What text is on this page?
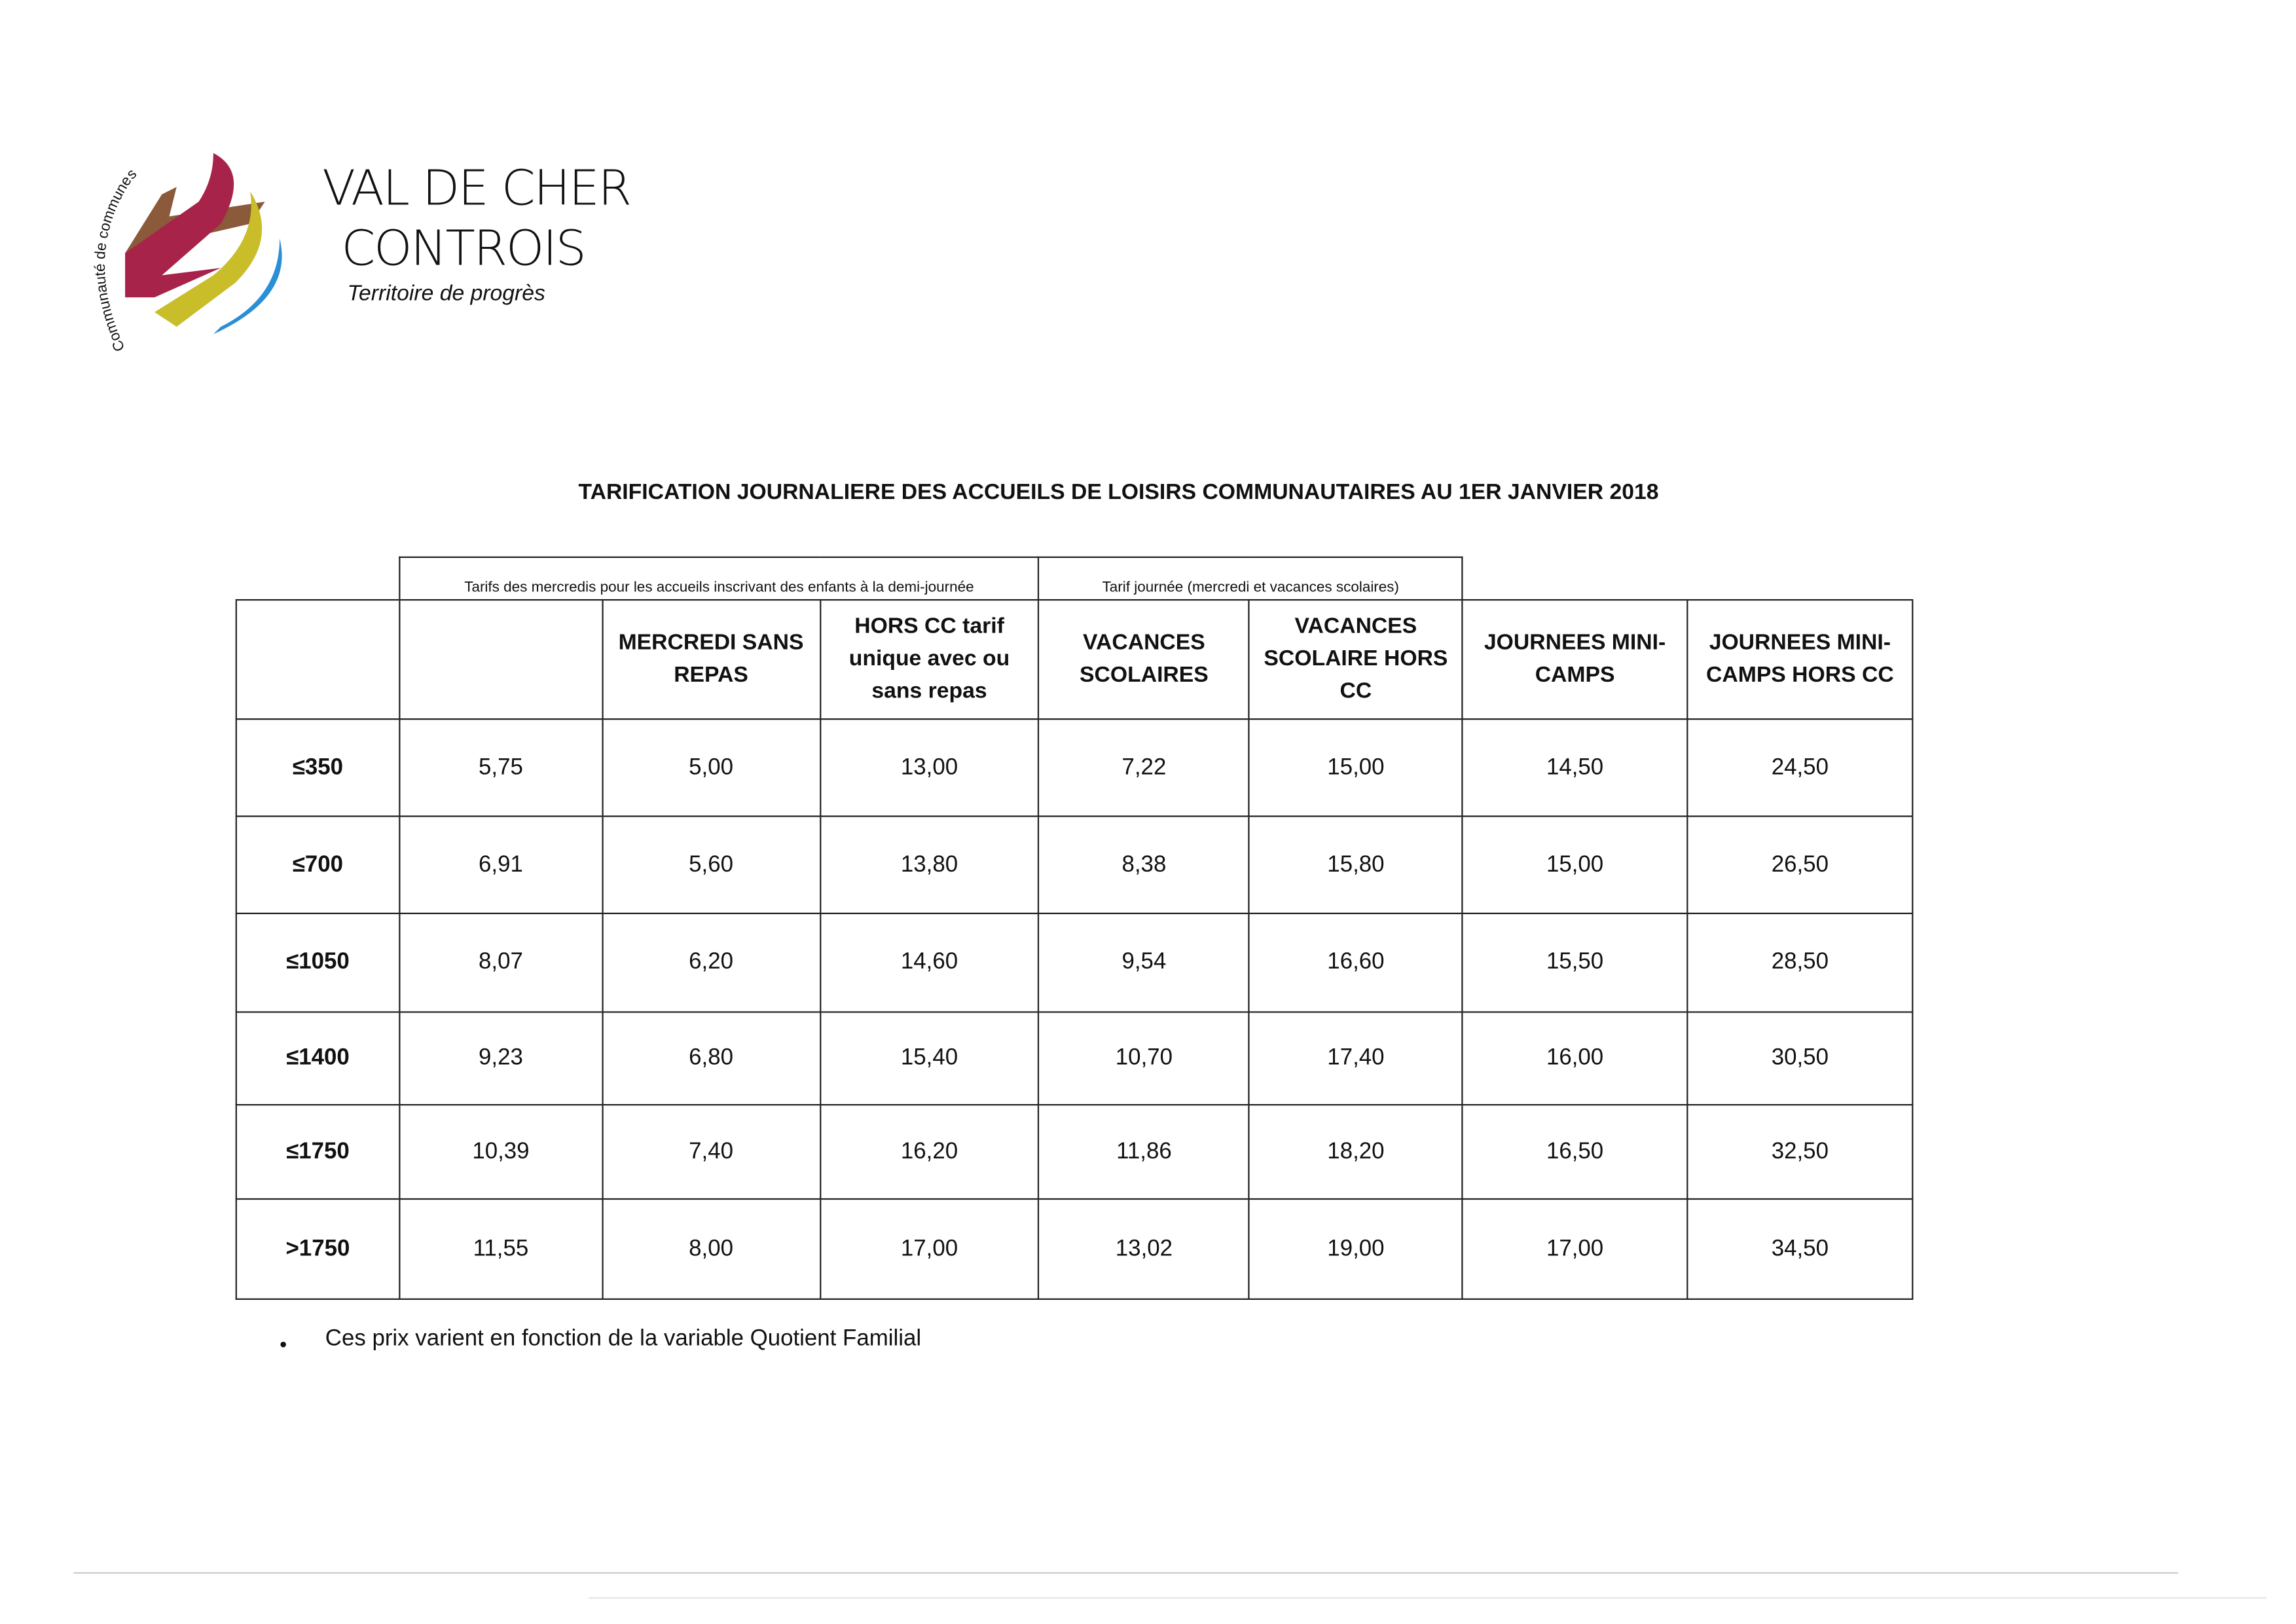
Communauté de communes	VAL DE CHER
CONTROIS
Territoire de progrès
TARIFICATION JOURNALIERE DES ACCUEILS DE LOISIRS COMMUNAUTAIRES AU 1ER JANVIER 2018
	Tarifs des mercredis pour les accueils inscrivant des enfants à la demi-journée			Tarif journée (mercredi et vacances scolaires)			
		MERCREDI SANS REPAS	HORS CC tarif unique avec ou sans repas	VACANCES SCOLAIRES	VACANCES SCOLAIRE HORS CC	JOURNEES MINI-CAMPS	JOURNEES MINI-CAMPS HORS CC
≤350	5,75	5,00	13,00	7,22	15,00	14,50	24,50
≤700	6,91	5,60	13,80	8,38	15,80	15,00	26,50
≤1050	8,07	6,20	14,60	9,54	16,60	15,50	28,50
≤1400	9,23	6,80	15,40	10,70	17,40	16,00	30,50
≤1750	10,39	7,40	16,20	11,86	18,20	16,50	32,50
>1750	11,55	8,00	17,00	13,02	19,00	17,00	34,50
•	Ces prix varient en fonction de la variable Quotient Familial
